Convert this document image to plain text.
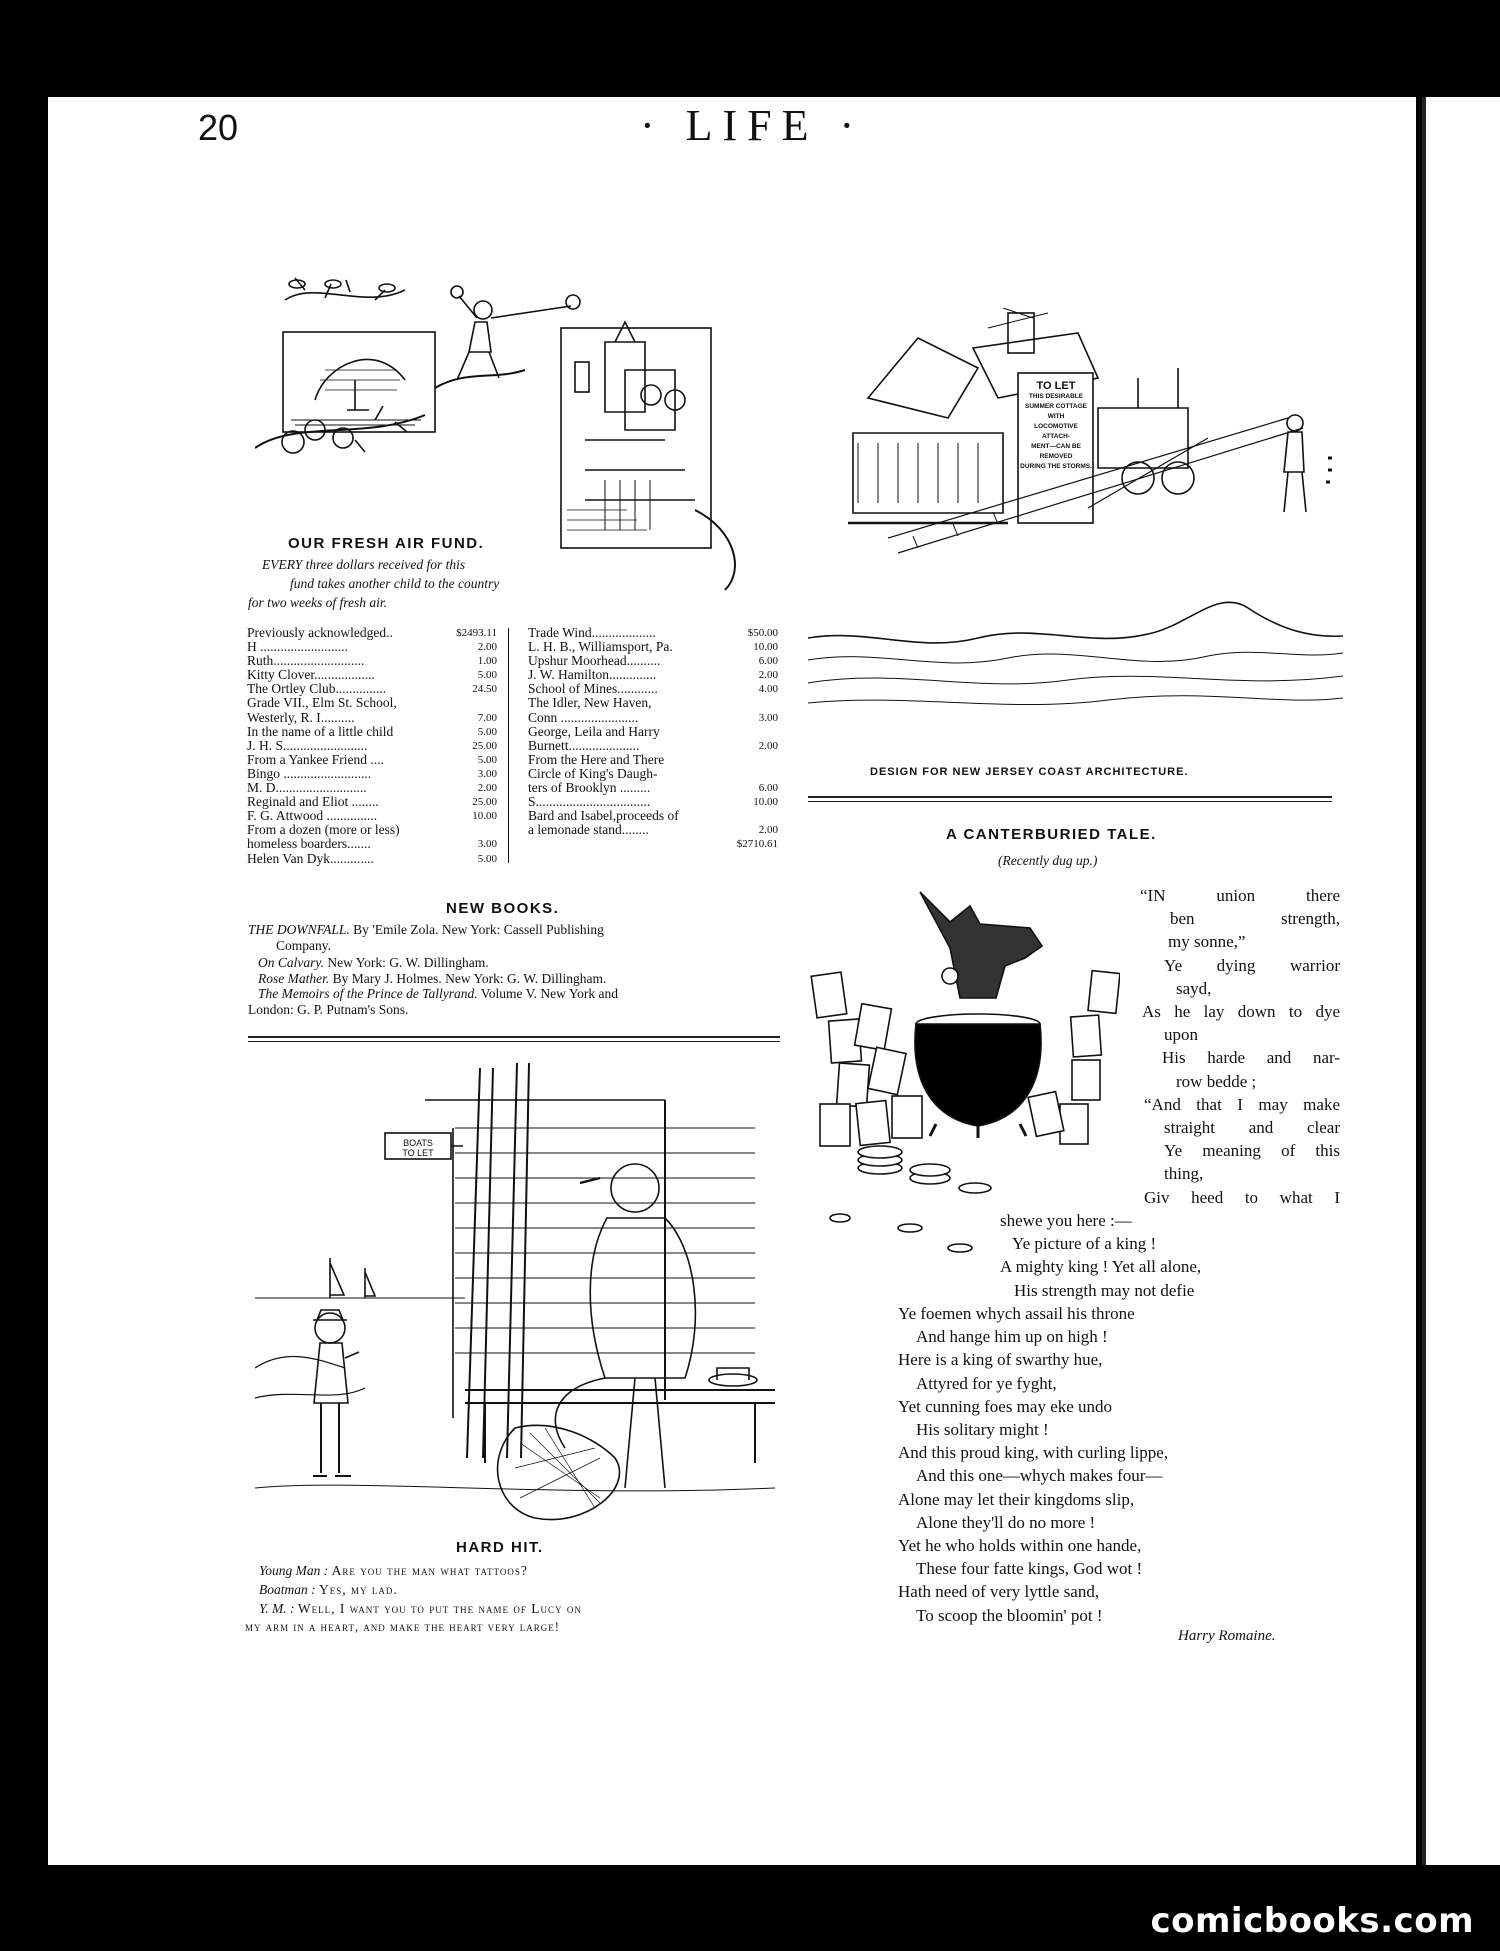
20	· LIFE ·
OUR FRESH AIR FUND.
EVERY three dollars received for this
fund takes another child to the country
for two weeks of fresh air.
Previously acknowledged..	$2493.11
H ..........................	2.00
Ruth...........................	1.00
Kitty Clover..................	5.00
The Ortley Club...............	24.50
Grade VII., Elm St. School,
Westerly, R. I..........	7.00
In the name of a little child	5.00
J. H. S.........................	25.00
From a Yankee Friend ....	5.00
Bingo ..........................	3.00
M. D...........................	2.00
Reginald and Eliot ........	25.00
F. G. Attwood ...............	10.00
From a dozen (more or less)
homeless boarders.......	3.00
Helen Van Dyk.............	5.00
Trade Wind...................	$50.00
L. H. B., Williamsport, Pa.	10.00
Upshur Moorhead..........	6.00
J. W. Hamilton..............	2.00
School of Mines............	4.00
The Idler, New Haven,
Conn .......................	3.00
George, Leila and Harry
Burnett.....................	2.00
From the Here and There
Circle of King's Daugh-
ters of Brooklyn .........	6.00
S..................................	10.00
Bard and Isabel,proceeds of
a lemonade stand........	2.00
$2710.61
NEW BOOKS.
THE DOWNFALL. By 'Emile Zola. New York: Cassell Publishing
Company.
On Calvary. New York: G. W. Dillingham.
Rose Mather. By Mary J. Holmes. New York: G. W. Dillingham.
The Memoirs of the Prince de Tallyrand. Volume V. New York and
London: G. P. Putnam's Sons.
BOATS
TO LET
HARD HIT.
Young Man : Are you the man what tattoos?
Boatman : Yes, my lad.
Y. M. : Well, I want you to put the name of Lucy on
my arm in a heart, and make the heart very large!
TO LET
THIS DESIRABLE
SUMMER COTTAGE WITH
LOCOMOTIVE ATTACH-
MENT—CAN BE REMOVED
DURING THE STORMS.
DESIGN FOR NEW JERSEY COAST ARCHITECTURE.
A CANTERBURIED TALE.
(Recently dug up.)
“IN union there
ben strength,
my sonne,”
Ye dying warrior
sayd,
As he lay down to dye
upon
His harde and nar-
row bedde ;
“And that I may make
straight and clear
Ye meaning of this
thing,
Giv heed to what I
shewe you here :—
Ye picture of a king !
A mighty king ! Yet all alone,
His strength may not defie
Ye foemen whych assail his throne
And hange him up on high !
Here is a king of swarthy hue,
Attyred for ye fyght,
Yet cunning foes may eke undo
His solitary might !
And this proud king, with curling lippe,
And this one—whych makes four—
Alone may let their kingdoms slip,
Alone they'll do no more !
Yet he who holds within one hande,
These four fatte kings, God wot !
Hath need of very lyttle sand,
To scoop the bloomin' pot !
Harry Romaine.
comicbooks.com
